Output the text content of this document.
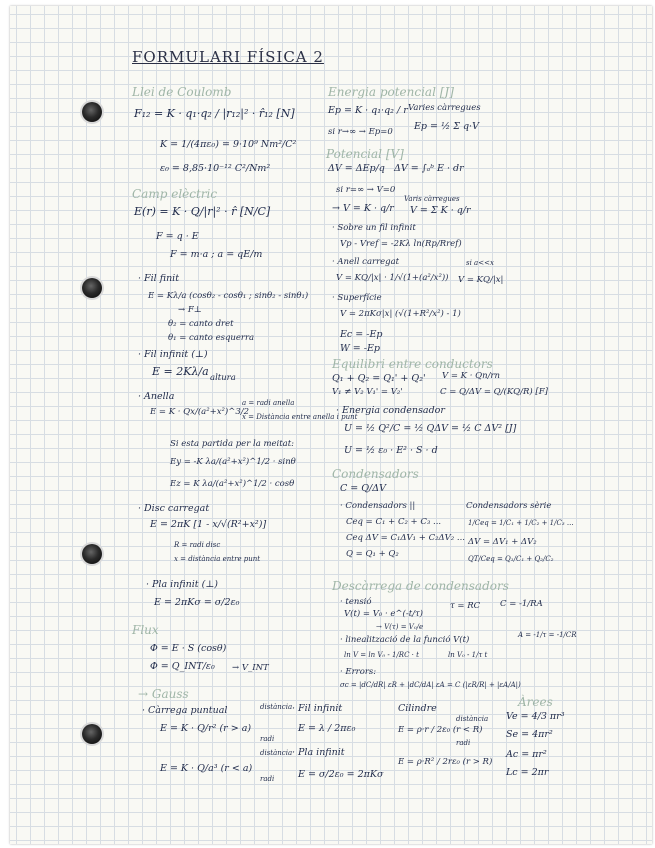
FORMULARI FÍSICA 2
Llei de Coulomb
F₁₂ = K · q₁·q₂ / |r₁₂|² · r̂₁₂ [N]
K = 1/(4πε₀) = 9·10⁹ Nm²/C²
ε₀ = 8,85·10⁻¹² C²/Nm²
Camp elèctric
E(r) = K · Q/|r|² · r̂ [N/C]
F = q · E
F = m·a ; a = qE/m
· Fil finit
E = Kλ/a (cosθ₂ - cosθ₁ ; sinθ₂ - sinθ₁)
→ F⊥
θ₂ = canto dret
θ₁ = canto esquerra
· Fil infinit (⊥)
E = 2Kλ/a altura
· Anella
E = K · Qx/(a²+x²)^3/2
a = radi anella
x = Distància entre anella i punt
Si esta partida per la meitat:
Ey = -K λa/(a²+x²)^1/2 · sinθ
Ez = K λa/(a²+x²)^1/2 · cosθ
· Disc carregat
E = 2πK [1 - x/√(R²+x²)]
R = radi disc
x = distància entre punt
· Pla infinit (⊥)
E = 2πKσ = σ/2ε₀
Flux
Φ = E · S (cosθ)
Φ = Q_INT/ε₀ → V_INT
→ Gauss
· Càrrega puntual	distància
E = K · Q/r² (r > a)
radi
distància
E = K · Q/a³ (r < a)
radi
· Fil infinit
E = λ / 2πε₀
· Pla infinit
E = σ/2ε₀ = 2πKσ
Cilindre
distància
E = ρ·r / 2ε₀ (r < R)
radi
E = ρ·R² / 2rε₀ (r > R)
Energia potencial [J]
Ep = K · q₁·q₂ / r Varies càrregues
Ep = ½ Σ q·V
si r→∞ → Ep=0
Potencial [V]
ΔV = ΔEp/q ΔV = ∫ₐᵇ E · dr
si r=∞ → V=0
→ V = K · q/r
Varis càrregues
V = Σ K · q/r
· Sobre un fil infinit
Vp - Vref = -2Kλ ln(Rp/Rref)
· Anell carregat
V = KQ/|x| · 1/√(1+(a²/x²))
si a<<x
V = KQ/|x|
· Superfície
V = 2πKσ|x| (√(1+R²/x²) - 1)
Ec = -Ep
W = -Ep
Equilibri entre conductors
Q₁ + Q₂ = Q₁' + Q₂'
V₁ ≠ V₂ V₁' = V₂'
V = K · Qn/rn
C = Q/ΔV = Q/(KQ/R) [F]
· Energia condensador
U = ½ Q²/C = ½ QΔV = ½ C ΔV² [J]
U = ½ ε₀ · E² · S · d
Condensadors
C = Q/ΔV
· Condensadors ||
Ceq = C₁ + C₂ + C₃ ...
Ceq ΔV = C₁ΔV₁ + C₂ΔV₂ ...
Q = Q₁ + Q₂
Condensadors sèrie
1/Ceq = 1/C₁ + 1/C₂ + 1/C₃ ...
ΔV = ΔV₁ + ΔV₂
QT/Ceq = Q₁/C₁ + Q₂/C₂
Descàrrega de condensadors
· tensió
V(t) = V₀ · e^(-t/τ)
τ = RC C = -1/RA
→ V(τ) = V₀/e
· linealització de la funció V(t)
ln V = ln V₀ - 1/RC · t	ln V₀ - 1/τ t
A = -1/τ = -1/CR
· Errors:
σc = |dC/dR| εR + |dC/dA| εA = C (|εR/R| + |εA/A|)
Àrees
Ve = 4/3 πr³
Se = 4πr²
Ac = πr²
Lc = 2πr
